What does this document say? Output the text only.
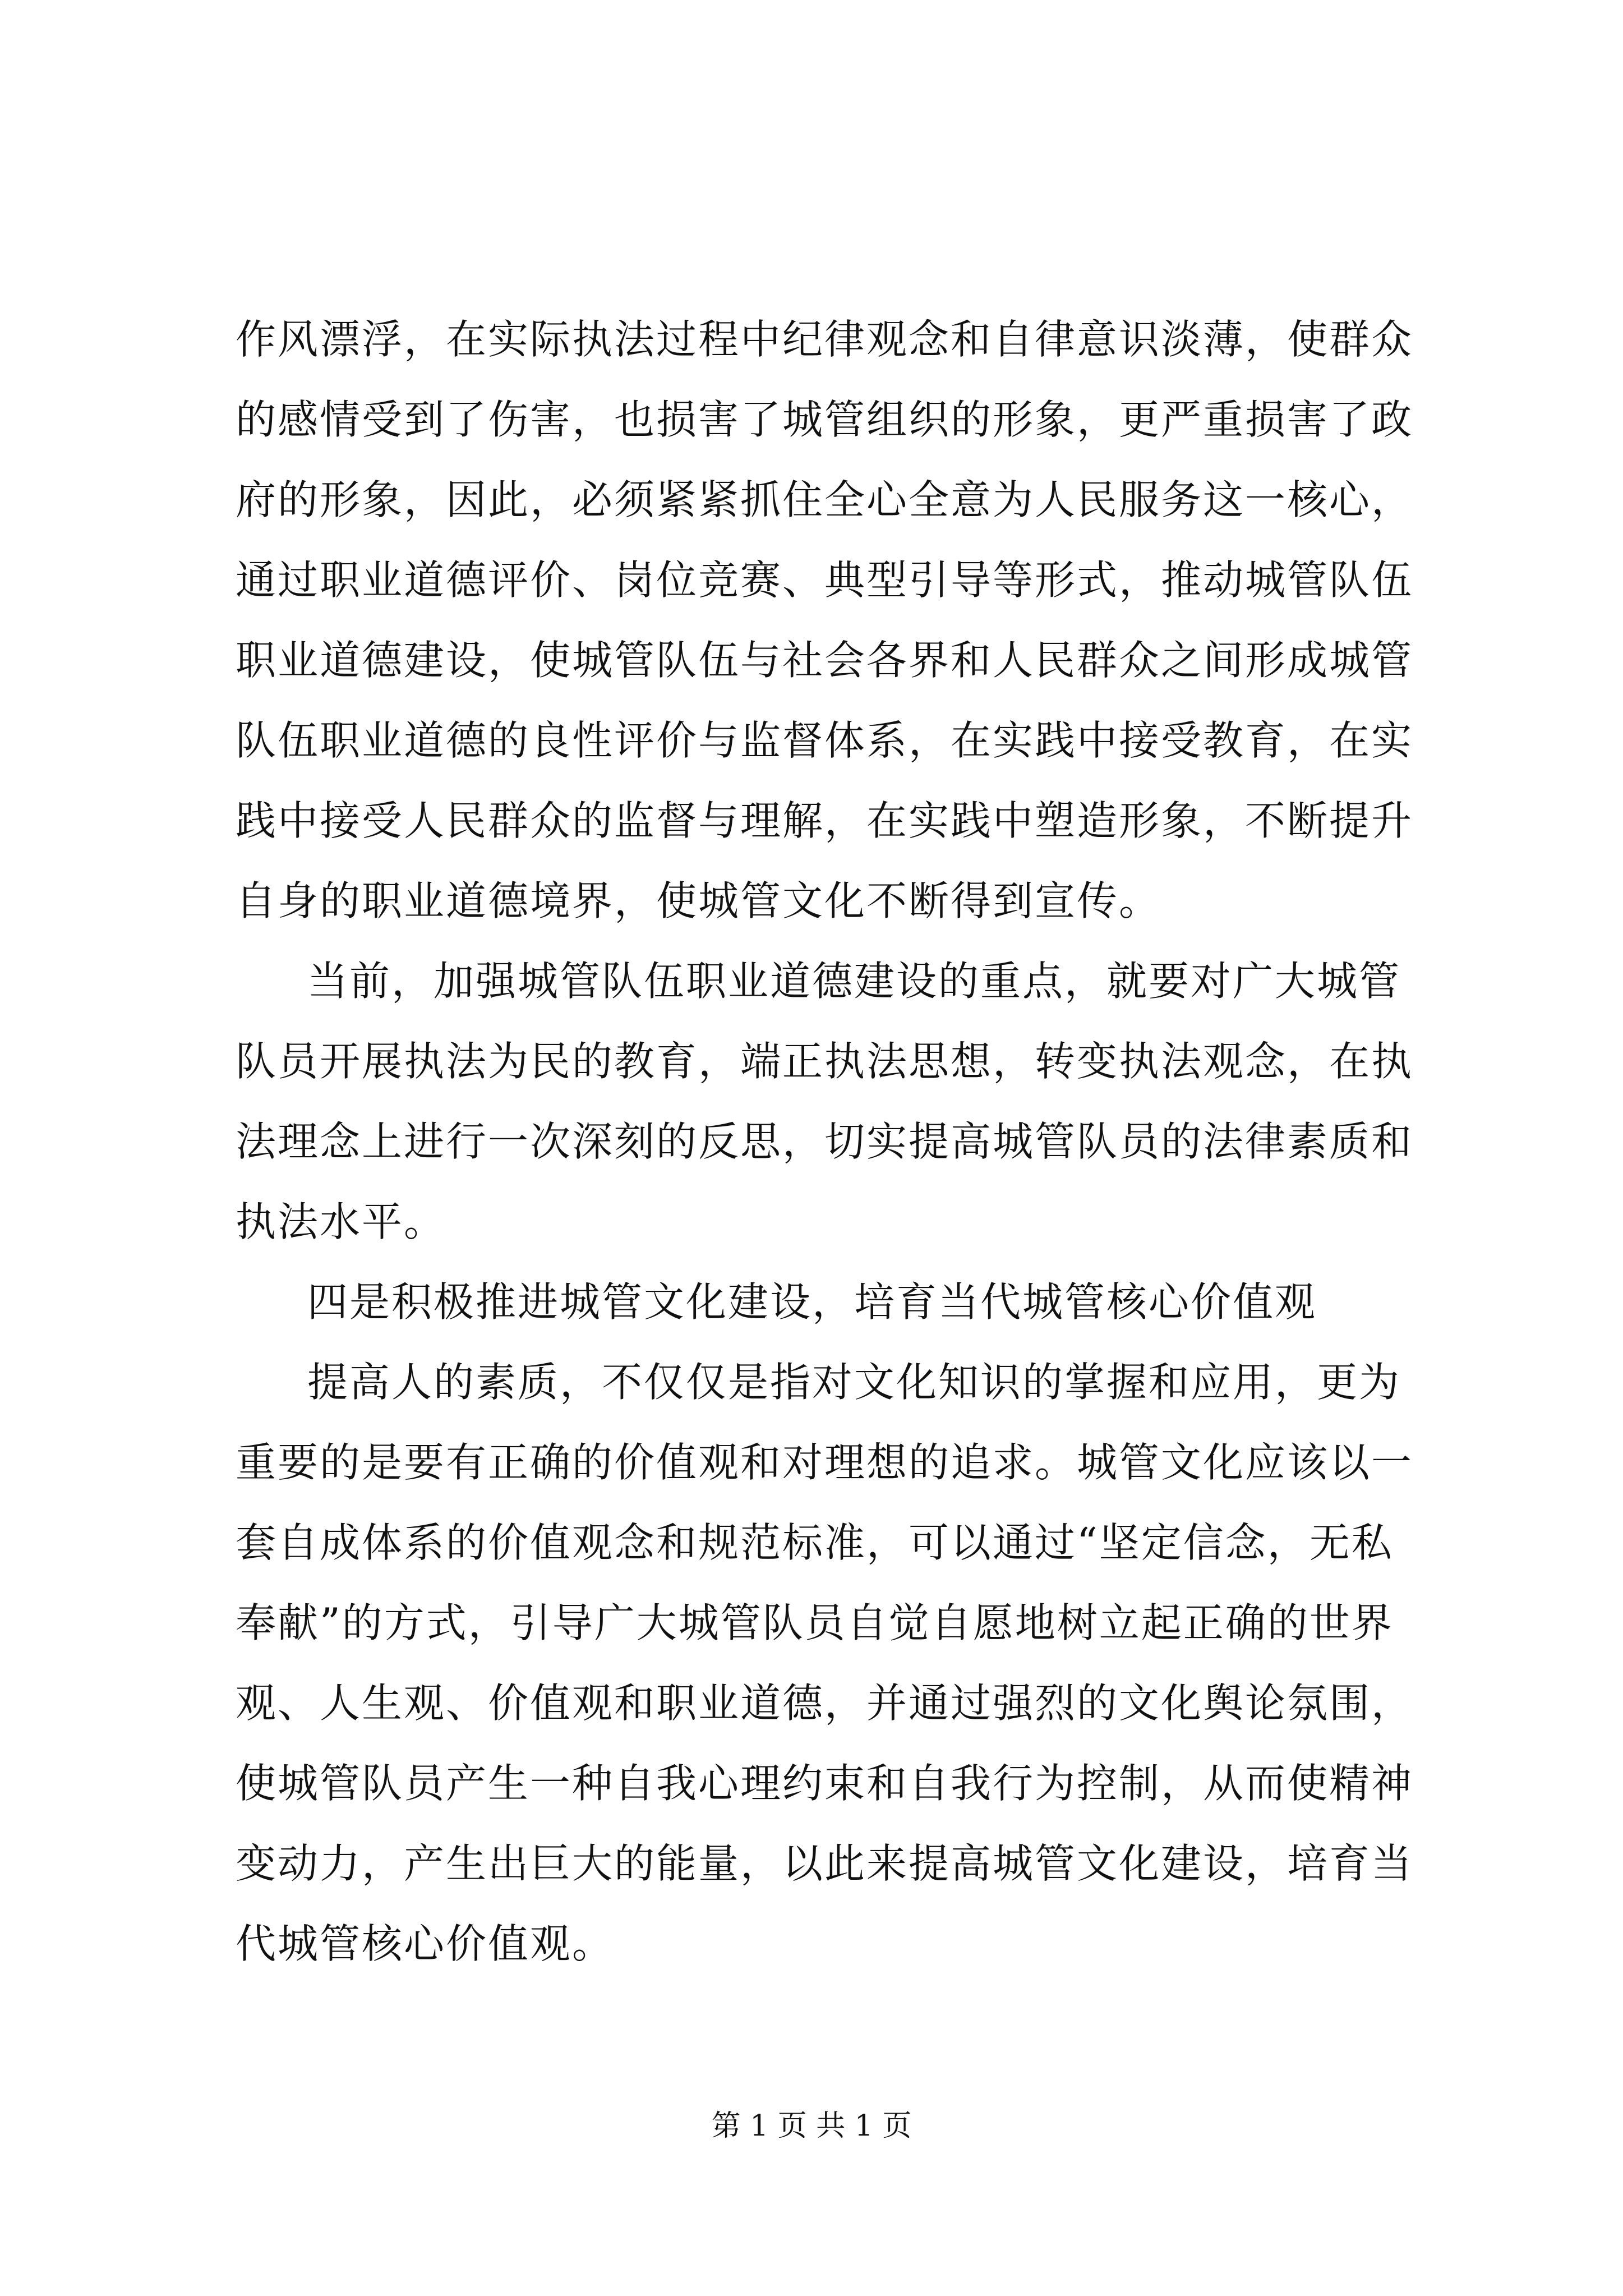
作风漂浮，在实际执法过程中纪律观念和自律意识淡薄，使群众
的感情受到了伤害，也损害了城管组织的形象，更严重损害了政
府的形象，因此，必须紧紧抓住全心全意为人民服务这一核心，
通过职业道德评价、岗位竞赛、典型引导等形式，推动城管队伍
职业道德建设，使城管队伍与社会各界和人民群众之间形成城管
队伍职业道德的良性评价与监督体系，在实践中接受教育，在实
践中接受人民群众的监督与理解，在实践中塑造形象，不断提升
自身的职业道德境界，使城管文化不断得到宣传。
当前，加强城管队伍职业道德建设的重点，就要对广大城管
队员开展执法为民的教育，端正执法思想，转变执法观念，在执
法理念上进行一次深刻的反思，切实提高城管队员的法律素质和
执法水平。
四是积极推进城管文化建设，培育当代城管核心价值观
提高人的素质，不仅仅是指对文化知识的掌握和应用，更为
重要的是要有正确的价值观和对理想的追求。城管文化应该以一
套自成体系的价值观念和规范标准，可以通过“坚定信念，无私
奉献”的方式，引导广大城管队员自觉自愿地树立起正确的世界
观、人生观、价值观和职业道德，并通过强烈的文化舆论氛围，
使城管队员产生一种自我心理约束和自我行为控制，从而使精神
变动力，产生出巨大的能量，以此来提高城管文化建设，培育当
代城管核心价值观。
第 1 页 共 1 页
